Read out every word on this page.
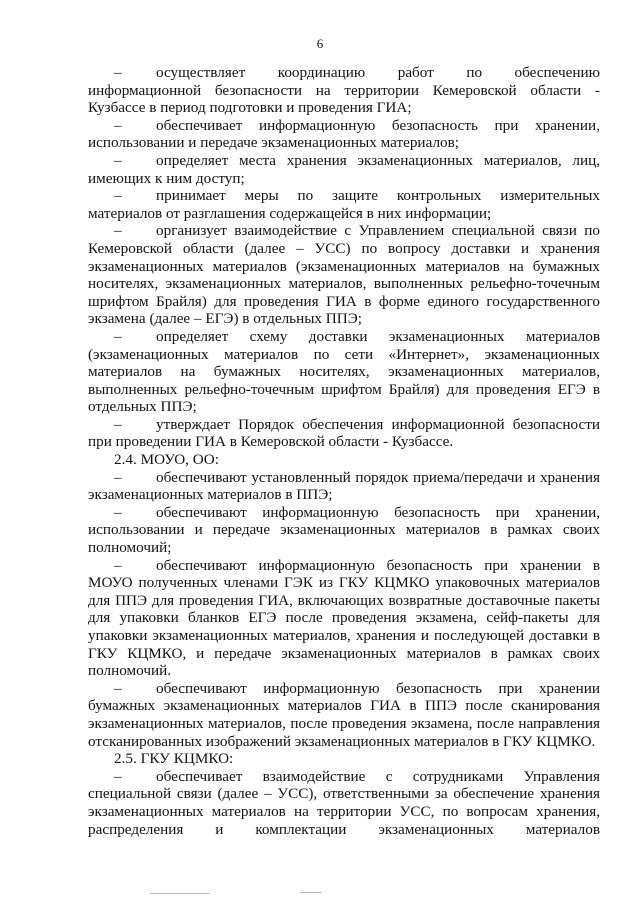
6

– осуществляет координацию работ по обеспечению информационной безопасности на территории Кемеровской области - Кузбассе в период подготовки и проведения ГИА;

– обеспечивает информационную безопасность при хранении, использовании и передаче экзаменационных материалов;

– определяет места хранения экзаменационных материалов, лиц, имеющих к ним доступ;

– принимает меры по защите контрольных измерительных материалов от разглашения содержащейся в них информации;

– организует взаимодействие с Управлением специальной связи по Кемеровской области (далее – УСС) по вопросу доставки и хранения экзаменационных материалов (экзаменационных материалов на бумажных носителях, экзаменационных материалов, выполненных рельефно-точечным шрифтом Брайля) для проведения ГИА в форме единого государственного экзамена (далее – ЕГЭ) в отдельных ППЭ;

– определяет схему доставки экзаменационных материалов (экзаменационных материалов по сети «Интернет», экзаменационных материалов на бумажных носителях, экзаменационных материалов, выполненных рельефно-точечным шрифтом Брайля) для проведения ЕГЭ в отдельных ППЭ;

– утверждает Порядок обеспечения информационной безопасности при проведении ГИА в Кемеровской области - Кузбассе.

2.4. МОУО, ОО:

– обеспечивают установленный порядок приема/передачи и хранения экзаменационных материалов в ППЭ;

– обеспечивают информационную безопасность при хранении, использовании и передаче экзаменационных материалов в рамках своих полномочий;

– обеспечивают информационную безопасность при хранении в МОУО полученных членами ГЭК из ГКУ КЦМКО упаковочных материалов для ППЭ для проведения ГИА, включающих возвратные доставочные пакеты для упаковки бланков ЕГЭ после проведения экзамена, сейф-пакеты для упаковки экзаменационных материалов, хранения и последующей доставки в ГКУ КЦМКО, и передаче экзаменационных материалов в рамках своих полномочий.

– обеспечивают информационную безопасность при хранении бумажных экзаменационных материалов ГИА в ППЭ после сканирования экзаменационных материалов, после проведения экзамена, после направления отсканированных изображений экзаменационных материалов в ГКУ КЦМКО.

2.5. ГКУ КЦМКО:

– обеспечивает взаимодействие с сотрудниками Управления специальной связи (далее – УСС), ответственными за обеспечение хранения экзаменационных материалов на территории УСС, по вопросам хранения, распределения и комплектации экзаменационных материалов
